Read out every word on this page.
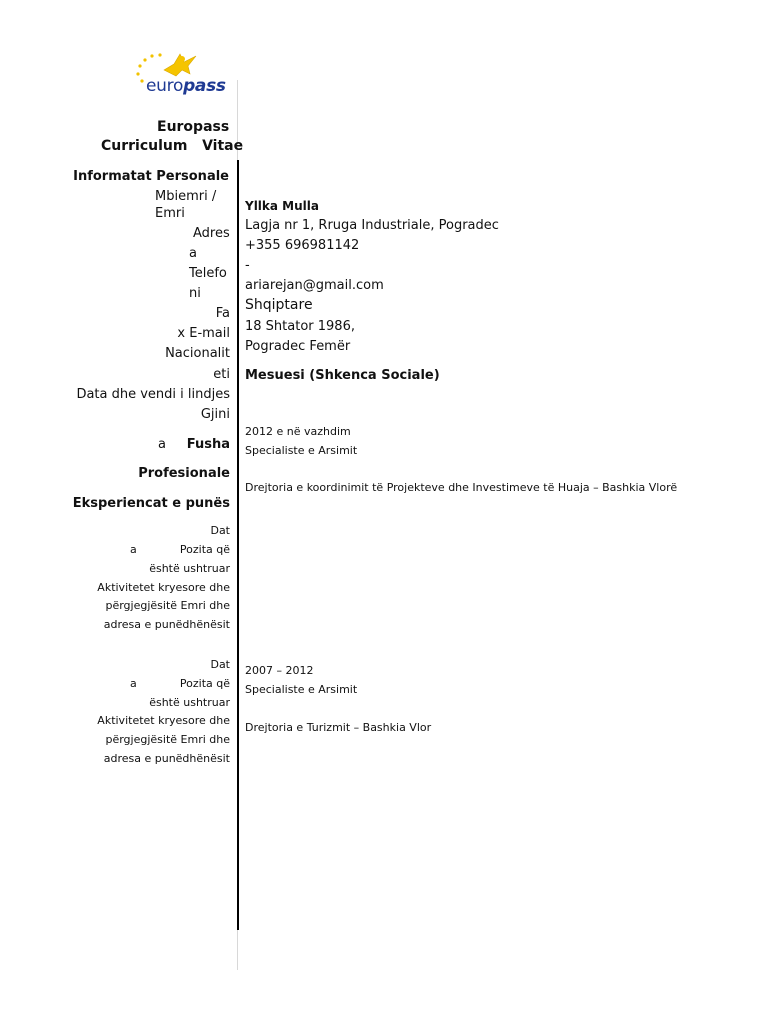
europass
Europass
Curriculum   Vitae
Informatat Personale
Mbiemri /
Emri
Adres
a
Telefo
ni
Fa
x E-mail
Nacionalit
eti
Data dhe vendi i lindjes
Gjini
a Fusha
Profesionale
Yllka Mulla
Lagja nr 1, Rruga Industriale, Pogradec
+355 696981142
-
ariarejan@gmail.com
Shqiptare
18 Shtator 1986,
Pogradec Femër
Mesuesi (Shkenca Sociale)
Eksperiencat e punës
Dat
a	Pozita që
është ushtruar
Aktivitetet kryesore dhe
përgjegjësitë Emri dhe
adresa e punëdhënësit
2012 e në vazhdim
Specialiste e Arsimit
Drejtoria e koordinimit të Projekteve dhe Investimeve të Huaja – Bashkia Vlorë
Dat
a	Pozita që
është ushtruar
Aktivitetet kryesore dhe
përgjegjësitë Emri dhe
adresa e punëdhënësit
2007 – 2012
Specialiste e Arsimit
Drejtoria e Turizmit – Bashkia Vlor
